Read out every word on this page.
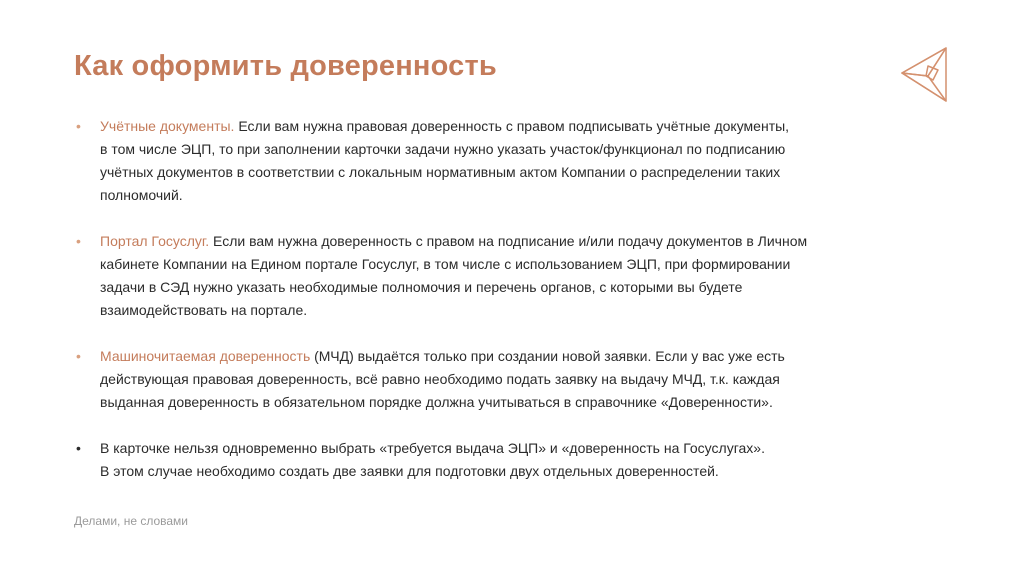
Как оформить доверенность
• Учётные документы. Если вам нужна правовая доверенность с правом подписывать учётные документы,
в том числе ЭЦП, то при заполнении карточки задачи нужно указать участок/функционал по подписанию
учётных документов в соответствии с локальным нормативным актом Компании о распределении таких
полномочий.
• Портал Госуслуг. Если вам нужна доверенность с правом на подписание и/или подачу документов в Личном
кабинете Компании на Едином портале Госуслуг, в том числе с использованием ЭЦП, при формировании
задачи в СЭД нужно указать необходимые полномочия и перечень органов, с которыми вы будете
взаимодействовать на портале.
• Машиночитаемая доверенность (МЧД) выдаётся только при создании новой заявки. Если у вас уже есть
действующая правовая доверенность, всё равно необходимо подать заявку на выдачу МЧД, т.к. каждая
выданная доверенность в обязательном порядке должна учитываться в справочнике «Доверенности».
• В карточке нельзя одновременно выбрать «требуется выдача ЭЦП» и «доверенность на Госуслугах».
В этом случае необходимо создать две заявки для подготовки двух отдельных доверенностей.
Делами, не словами
